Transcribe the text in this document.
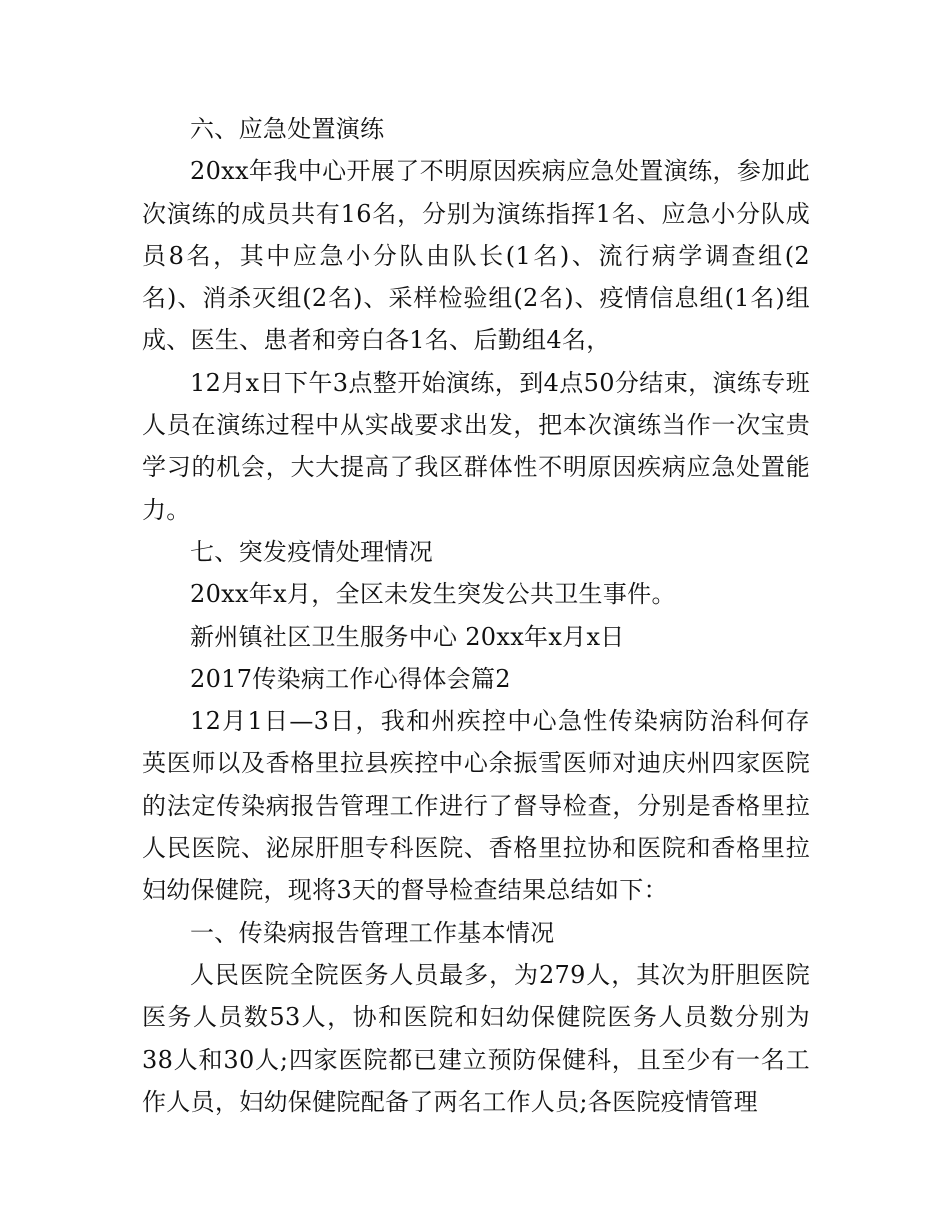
六、应急处置演练

20xx年我中心开展了不明原因疾病应急处置演练，参加此次演练的成员共有16名，分别为演练指挥1名、应急小分队成员8名，其中应急小分队由队长(1名)、流行病学调查组(2名)、消杀灭组(2名)、采样检验组(2名)、疫情信息组(1名)组成、医生、患者和旁白各1名、后勤组4名，

12月x日下午3点整开始演练，到4点50分结束，演练专班人员在演练过程中从实战要求出发，把本次演练当作一次宝贵学习的机会，大大提高了我区群体性不明原因疾病应急处置能力。

七、突发疫情处理情况

20xx年x月，全区未发生突发公共卫生事件。

新州镇社区卫生服务中心 20xx年x月x日

2017传染病工作心得体会篇2

12月1日—3日，我和州疾控中心急性传染病防治科何存英医师以及香格里拉县疾控中心余振雪医师对迪庆州四家医院的法定传染病报告管理工作进行了督导检查，分别是香格里拉人民医院、泌尿肝胆专科医院、香格里拉协和医院和香格里拉妇幼保健院，现将3天的督导检查结果总结如下：

一、传染病报告管理工作基本情况

人民医院全院医务人员最多，为279人，其次为肝胆医院医务人员数53人，协和医院和妇幼保健院医务人员数分别为38人和30人;四家医院都已建立预防保健科，且至少有一名工作人员，妇幼保健院配备了两名工作人员;各医院疫情管理
